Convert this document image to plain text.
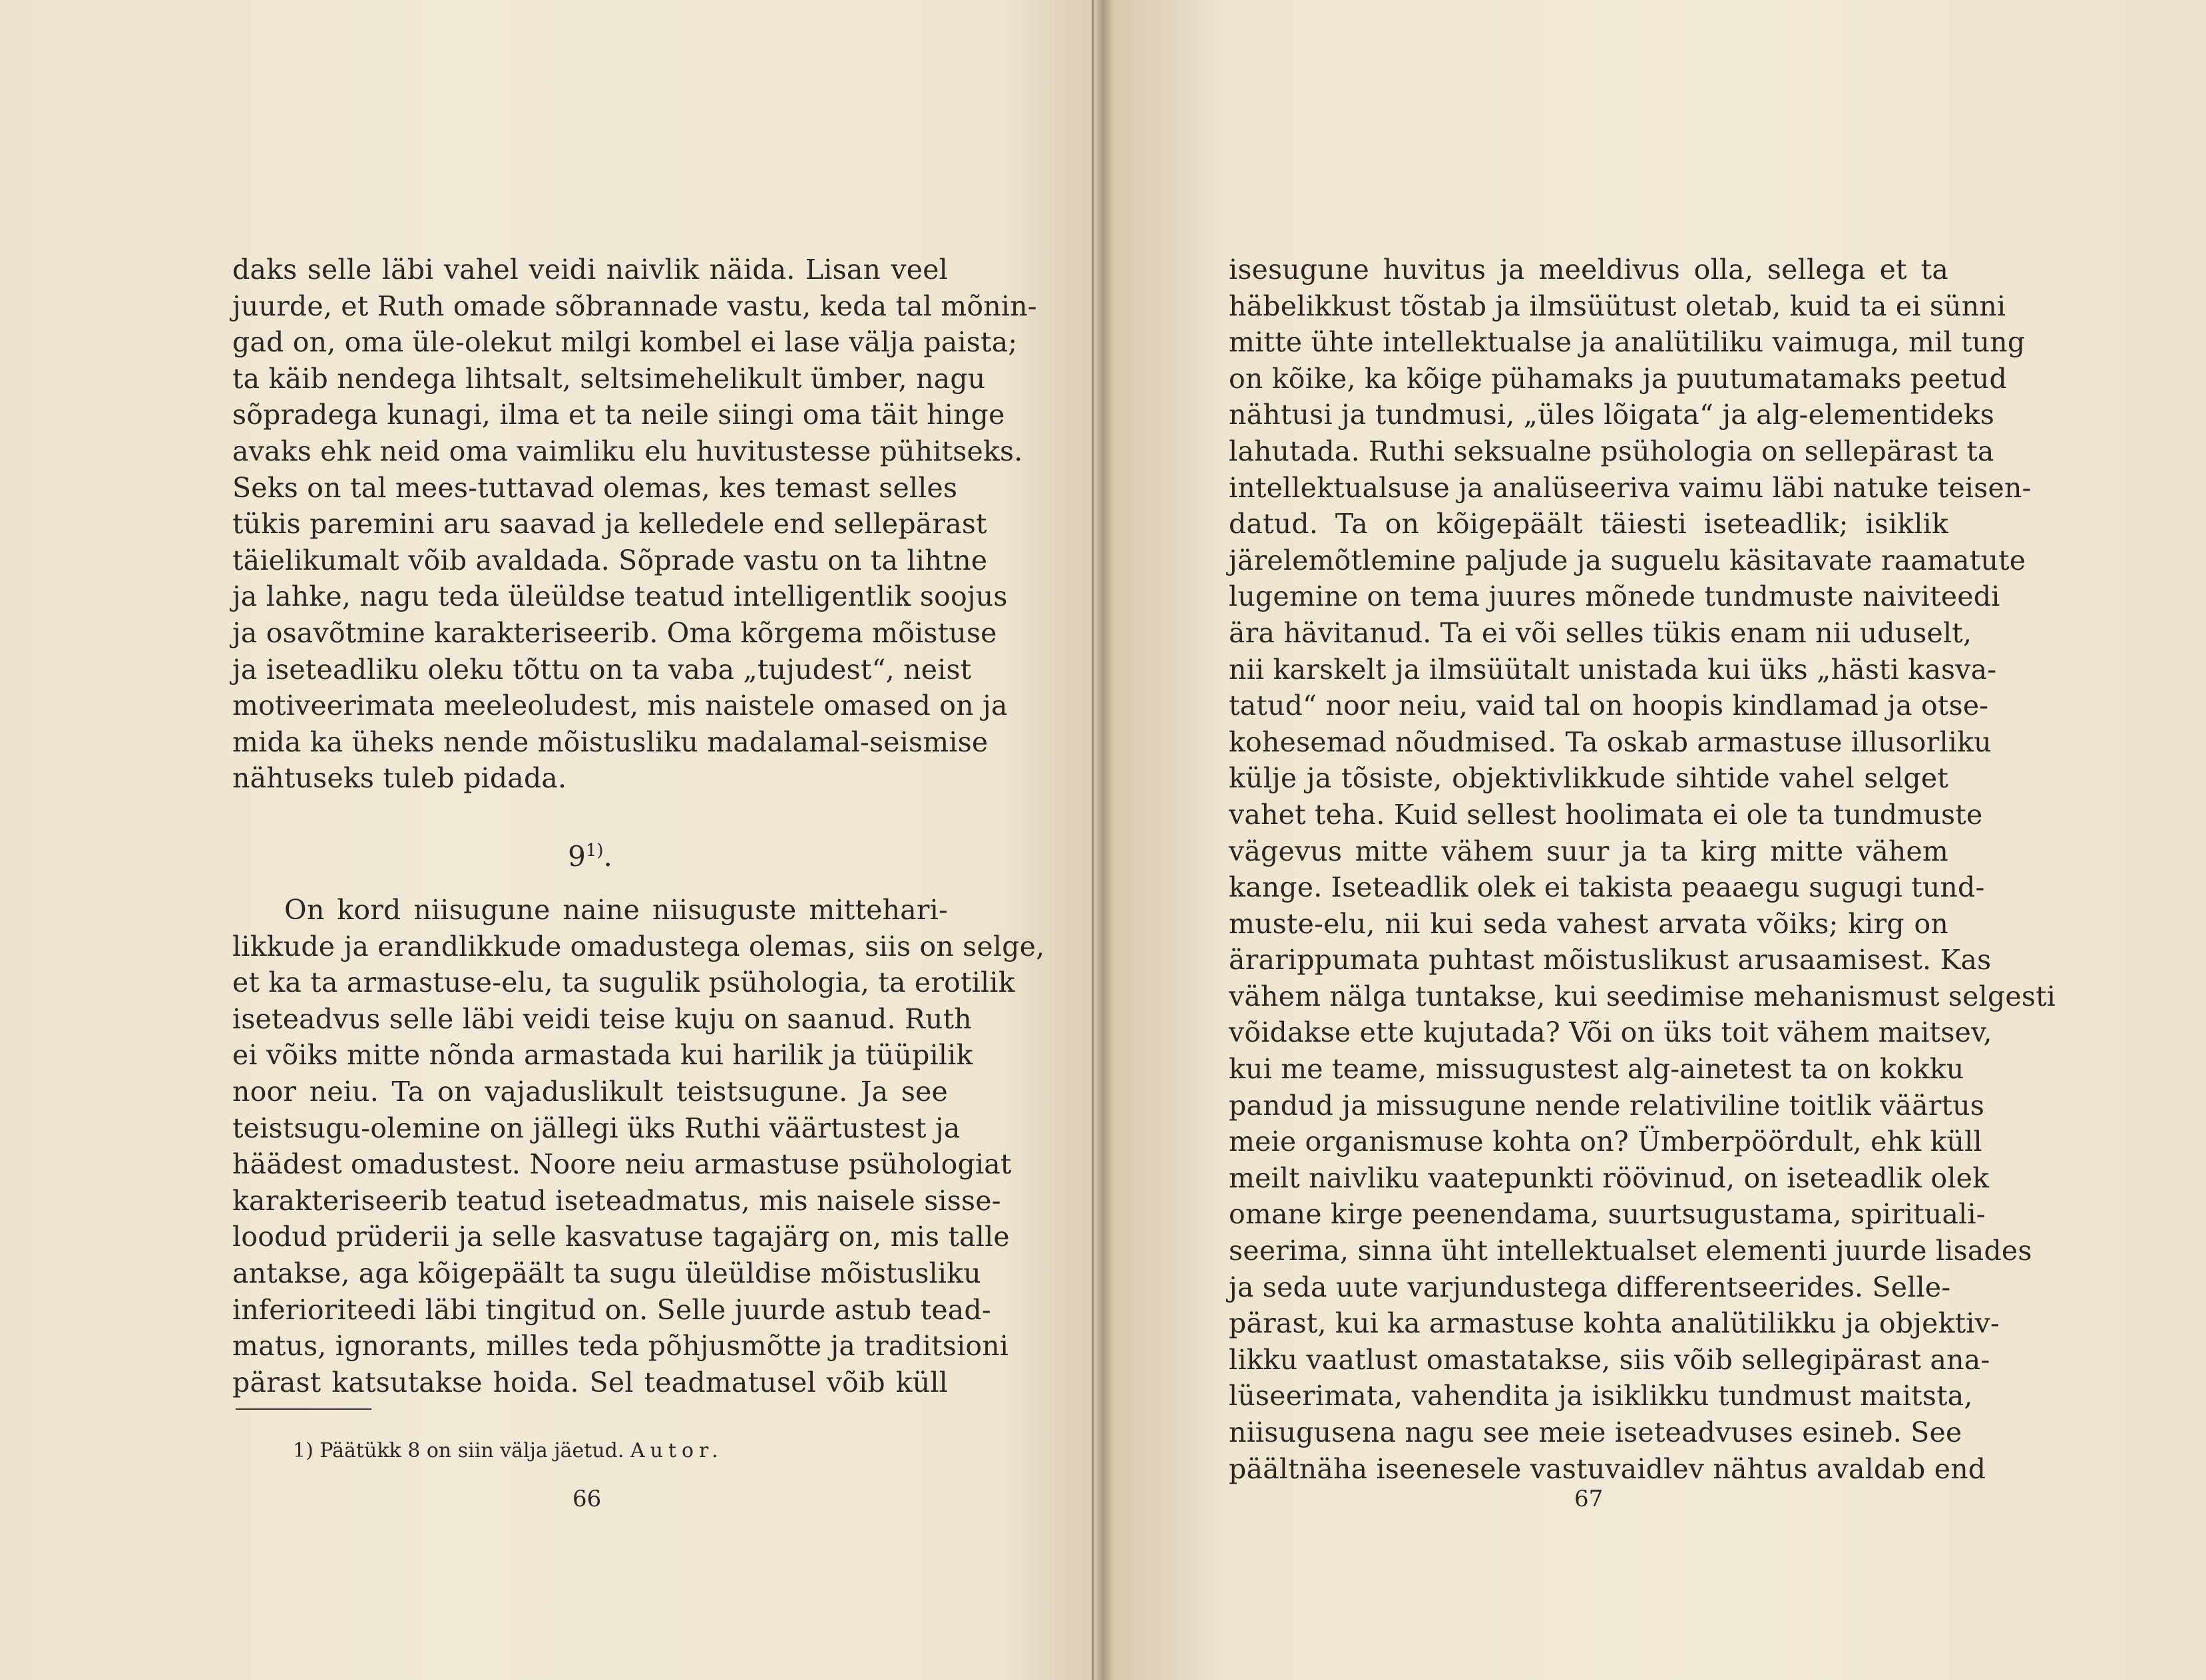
daks selle läbi vahel veidi naivlik näida. Lisan veel
juurde, et Ruth omade sõbrannade vastu, keda tal mõnin-
gad on, oma üle-olekut milgi kombel ei lase välja paista;
ta käib nendega lihtsalt, seltsimehelikult ümber, nagu
sõpradega kunagi, ilma et ta neile siingi oma täit hinge
avaks ehk neid oma vaimliku elu huvitustesse pühitseks.
Seks on tal mees-tuttavad olemas, kes temast selles
tükis paremini aru saavad ja kelledele end sellepärast
täielikumalt võib avaldada. Sõprade vastu on ta lihtne
ja lahke, nagu teda üleüldse teatud intelligentlik soojus
ja osavõtmine karakteriseerib. Oma kõrgema mõistuse
ja iseteadliku oleku tõttu on ta vaba „tujudest“, neist
motiveerimata meeleoludest, mis naistele omased on ja
mida ka üheks nende mõistusliku madalamal-seismise
nähtuseks tuleb pidada.
9$^{1)}$.
On kord niisugune naine niisuguste mittehari-
likkude ja erandlikkude omadustega olemas, siis on selge,
et ka ta armastuse-elu, ta sugulik psühologia, ta erotilik
iseteadvus selle läbi veidi teise kuju on saanud. Ruth
ei võiks mitte nõnda armastada kui harilik ja tüüpilik
noor neiu. Ta on vajaduslikult teistsugune. Ja see
teistsugu-olemine on jällegi üks Ruthi väärtustest ja
häädest omadustest. Noore neiu armastuse psühologiat
karakteriseerib teatud iseteadmatus, mis naisele sisse-
loodud prüderii ja selle kasvatuse tagajärg on, mis talle
antakse, aga kõigepäält ta sugu üleüldise mõistusliku
inferioriteedi läbi tingitud on. Selle juurde astub tead-
matus, ignorants, milles teda põhjusmõtte ja traditsioni
pärast katsutakse hoida. Sel teadmatusel võib küll
1) Päätükk 8 on siin välja jäetud. Autor.
66
isesugune huvitus ja meeldivus olla, sellega et ta
häbelikkust tõstab ja ilmsüütust oletab, kuid ta ei sünni
mitte ühte intellektualse ja analütiliku vaimuga, mil tung
on kõike, ka kõige pühamaks ja puutumatamaks peetud
nähtusi ja tundmusi, „üles lõigata“ ja alg-elementideks
lahutada. Ruthi seksualne psühologia on sellepärast ta
intellektualsuse ja analüseeriva vaimu läbi natuke teisen-
datud. Ta on kõigepäält täiesti iseteadlik; isiklik
järelemõtlemine paljude ja suguelu käsitavate raamatute
lugemine on tema juures mõnede tundmuste naiviteedi
ära hävitanud. Ta ei või selles tükis enam nii uduselt,
nii karskelt ja ilmsüütalt unistada kui üks „hästi kasva-
tatud“ noor neiu, vaid tal on hoopis kindlamad ja otse-
kohesemad nõudmised. Ta oskab armastuse illusorliku
külje ja tõsiste, objektivlikkude sihtide vahel selget
vahet teha. Kuid sellest hoolimata ei ole ta tundmuste
vägevus mitte vähem suur ja ta kirg mitte vähem
kange. Iseteadlik olek ei takista peaaegu sugugi tund-
muste-elu, nii kui seda vahest arvata võiks; kirg on
ärarippumata puhtast mõistuslikust arusaamisest. Kas
vähem nälga tuntakse, kui seedimise mehanismust selgesti
võidakse ette kujutada? Või on üks toit vähem maitsev,
kui me teame, missugustest alg-ainetest ta on kokku
pandud ja missugune nende relativiline toitlik väärtus
meie organismuse kohta on? Ümberpöördult, ehk küll
meilt naivliku vaatepunkti röövinud, on iseteadlik olek
omane kirge peenendama, suurtsugustama, spirituali-
seerima, sinna üht intellektualset elementi juurde lisades
ja seda uute varjundustega differentseerides. Selle-
pärast, kui ka armastuse kohta analütilikku ja objektiv-
likku vaatlust omastatakse, siis võib sellegipärast ana-
lüseerimata, vahendita ja isiklikku tundmust maitsta,
niisugusena nagu see meie iseteadvuses esineb. See
päältnäha iseenesele vastuvaidlev nähtus avaldab end
67
